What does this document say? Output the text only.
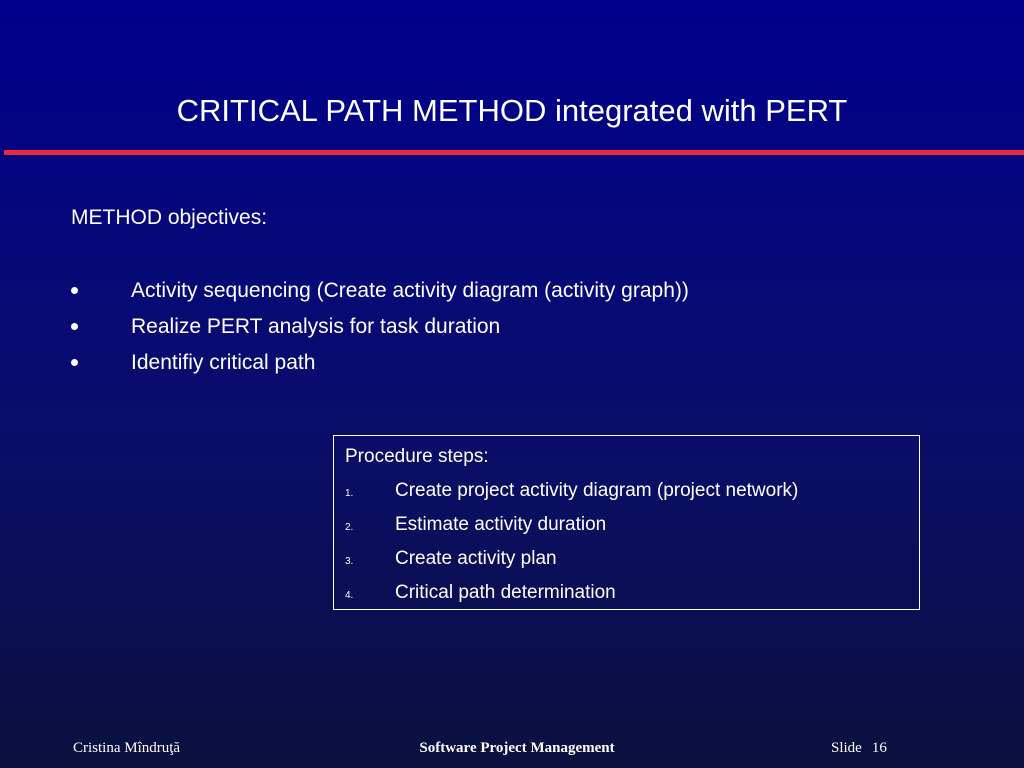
CRITICAL PATH METHOD integrated with PERT
METHOD objectives:
Activity sequencing (Create activity diagram (activity graph))
Realize PERT analysis for task duration
Identifiy critical path
Procedure steps:
1. Create project activity diagram (project network)
2. Estimate activity duration
3. Create activity plan
4. Critical path determination
Cristina Mîndruţă	Software Project Management	Slide 16
